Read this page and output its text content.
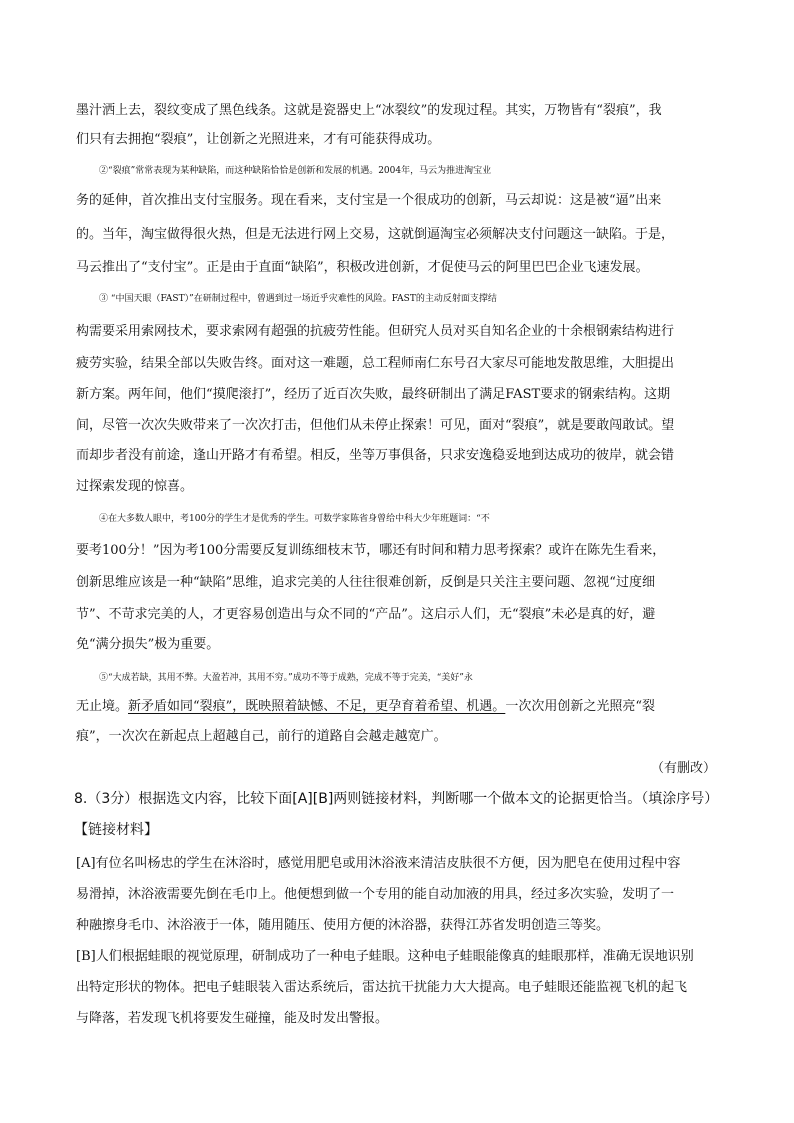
墨汁洒上去，裂纹变成了黑色线条。这就是瓷器史上“冰裂纹”的发现过程。其实，万物皆有“裂痕”，我
们只有去拥抱“裂痕”，让创新之光照进来，才有可能获得成功。
②“裂痕”常常表现为某种缺陷，而这种缺陷恰恰是创新和发展的机遇。2004年，马云为推进淘宝业
务的延伸，首次推出支付宝服务。现在看来，支付宝是一个很成功的创新，马云却说：这是被“逼”出来
的。当年，淘宝做得很火热，但是无法进行网上交易，这就倒逼淘宝必须解决支付问题这一缺陷。于是，
马云推出了“支付宝”。正是由于直面“缺陷”，积极改进创新，才促使马云的阿里巴巴企业飞速发展。
③ “中国天眼（FAST）”在研制过程中，曾遇到过一场近乎灾难性的风险。FAST的主动反射面支撑结
构需要采用索网技术，要求索网有超强的抗疲劳性能。但研究人员对买自知名企业的十余根钢索结构进行
疲劳实验，结果全部以失败告终。面对这一难题，总工程师南仁东号召大家尽可能地发散思维，大胆提出
新方案。两年间，他们“摸爬滚打”，经历了近百次失败，最终研制出了满足FAST要求的钢索结构。这期
间，尽管一次次失败带来了一次次打击，但他们从未停止探索！可见，面对“裂痕”，就是要敢闯敢试。望
而却步者没有前途，逢山开路才有希望。相反，坐等万事俱备，只求安逸稳妥地到达成功的彼岸，就会错
过探索发现的惊喜。
④在大多数人眼中，考100分的学生才是优秀的学生。可数学家陈省身曾给中科大少年班题词：“不
要考100分！”因为考100分需要反复训练细枝末节，哪还有时间和精力思考探索？或许在陈先生看来，
创新思维应该是一种“缺陷”思维，追求完美的人往往很难创新，反倒是只关注主要问题、忽视“过度细
节”、不苛求完美的人，才更容易创造出与众不同的“产品”。这启示人们，无“裂痕”未必是真的好，避
免“满分损失”极为重要。
⑤“大成若缺，其用不弊。大盈若冲，其用不穷。”成功不等于成熟，完成不等于完美，“美好”永
无止境。新矛盾如同“裂痕”，既映照着缺憾、不足，更孕育着希望、机遇。一次次用创新之光照亮“裂
痕”，一次次在新起点上超越自己，前行的道路自会越走越宽广。
（有删改）
8.（3分）根据选文内容，比较下面[A][B]两则链接材料，判断哪一个做本文的论据更恰当。（填涂序号）
【链接材料】
[A]有位名叫杨忠的学生在沐浴时，感觉用肥皂或用沐浴液来清洁皮肤很不方便，因为肥皂在使用过程中容
易滑掉，沐浴液需要先倒在毛巾上。他便想到做一个专用的能自动加液的用具，经过多次实验，发明了一
种融擦身毛巾、沐浴液于一体，随用随压、使用方便的沐浴器，获得江苏省发明创造三等奖。
[B]人们根据蛙眼的视觉原理，研制成功了一种电子蛙眼。这种电子蛙眼能像真的蛙眼那样，准确无误地识别
出特定形状的物体。把电子蛙眼装入雷达系统后，雷达抗干扰能力大大提高。电子蛙眼还能监视飞机的起飞
与降落，若发现飞机将要发生碰撞，能及时发出警报。
